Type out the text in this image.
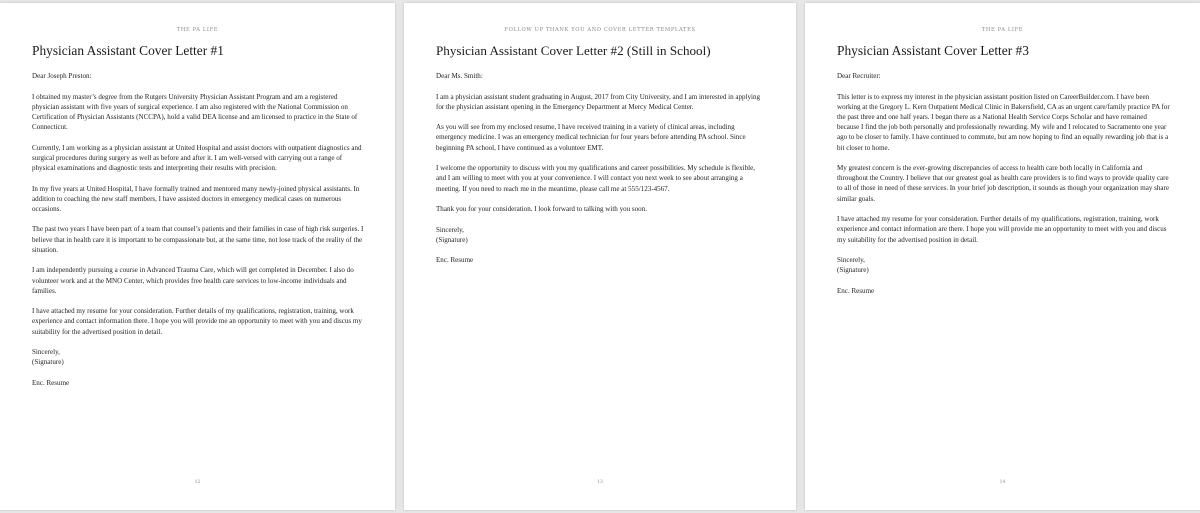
THE PA LIFE
Physician Assistant Cover Letter #1

Dear Joseph Preston:

I obtained my master’s degree from the Rutgers University Physician Assistant Program and am a registered physician assistant with five years of surgical experience. I am also registered with the National Commission on Certification of Physician Assistants (NCCPA), hold a valid DEA license and am licensed to practice in the State of Connecticut.

Currently, I am working as a physician assistant at United Hospital and assist doctors with outpatient diagnostics and surgical procedures during surgery as well as before and after it. I am well-versed with carrying out a range of physical examinations and diagnostic tests and interpreting their results with precision.

In my five years at United Hospital, I have formally trained and mentored many newly-joined physical assistants. In addition to coaching the new staff members, I have assisted doctors in emergency medical cases on numerous occasions.

The past two years I have been part of a team that counsel’s patients and their families in case of high risk surgeries. I believe that in health care it is important to be compassionate but, at the same time, not lose track of the reality of the situation.

I am independently pursuing a course in Advanced Trauma Care, which will get completed in December. I also do volunteer work and at the MNO Center, which provides free health care services to low-income individuals and families.

I have attached my resume for your consideration. Further details of my qualifications, registration, training, work experience and contact information there. I hope you will provide me an opportunity to meet with you and discus my suitability for the advertised position in detail.

Sincerely,

(Signature)

Enc. Resume

12
FOLLOW UP THANK YOU AND COVER LETTER TEMPLATES
Physician Assistant Cover Letter #2 (Still in School)

Dear Ms. Smith:

I am a physician assistant student graduating in August, 2017 from City University, and I am interested in applying for the physician assistant opening in the Emergency Department at Mercy Medical Center.

As you will see from my enclosed resume, I have received training in a variety of clinical areas, including emergency medicine. I was an emergency medical technician for four years before attending PA school. Since beginning PA school, I have continued as a volunteer EMT.

I welcome the opportunity to discuss with you my qualifications and career possibilities. My schedule is flexible, and I am willing to meet with you at your convenience. I will contact you next week to see about arranging a meeting. If you need to reach me in the meantime, please call me at 555/123-4567.

Thank you for your consideration. I look forward to talking with you soon.

Sincerely,

(Signature)

Enc. Resume

13
THE PA LIFE
Physician Assistant Cover Letter #3

Dear Recruiter:

This letter is to express my interest in the physician assistant position listed on CareerBuilder.com. I have been working at the Gregory L. Kern Outpatient Medical Clinic in Bakersfield, CA as an urgent care/family practice PA for the past three and one half years. I began there as a National Health Service Corps Scholar and have remained because I find the job both personally and professionally rewarding. My wife and I relocated to Sacramento one year ago to be closer to family. I have continued to commute, but am now hoping to find an equally rewarding job that is a bit closer to home.

My greatest concern is the ever-growing discrepancies of access to health care both locally in California and throughout the Country. I believe that our greatest goal as health care providers is to find ways to provide quality care to all of those in need of these services. In your brief job description, it sounds as though your organization may share similar goals.

I have attached my resume for your consideration. Further details of my qualifications, registration, training, work experience and contact information are there. I hope you will provide me an opportunity to meet with you and discus my suitability for the advertised position in detail.

Sincerely,

(Signature)

Enc. Resume

14
